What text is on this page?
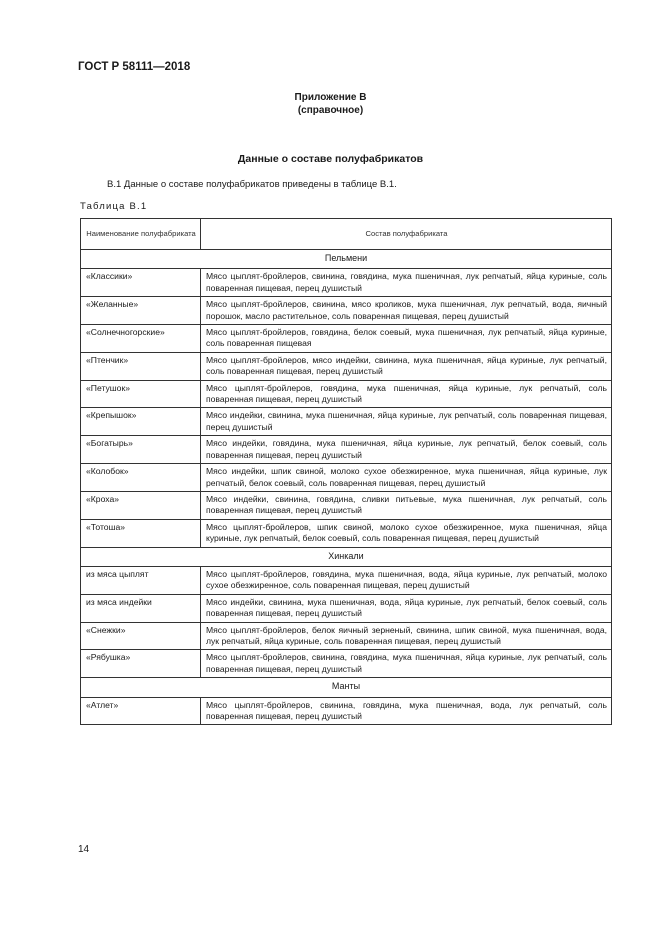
ГОСТ Р 58111—2018
Приложение В
(справочное)
Данные о составе полуфабрикатов
В.1 Данные о составе полуфабрикатов приведены в таблице В.1.
Таблица В.1
Наименование полуфабриката	Состав полуфабриката
Пельмени	
«Классики»	Мясо цыплят-бройлеров, свинина, говядина, мука пшеничная, лук репчатый, яйца куриные, соль поваренная пищевая, перец душистый
«Желанные»	Мясо цыплят-бройлеров, свинина, мясо кроликов, мука пшеничная, лук репчатый, вода, яичный порошок, масло растительное, соль поваренная пищевая, перец душистый
«Солнечногорские»	Мясо цыплят-бройлеров, говядина, белок соевый, мука пшеничная, лук репчатый, яйца куриные, соль поваренная пищевая
«Птенчик»	Мясо цыплят-бройлеров, мясо индейки, свинина, мука пшеничная, яйца куриные, лук репчатый, соль поваренная пищевая, перец душистый
«Петушок»	Мясо цыплят-бройлеров, говядина, мука пшеничная, яйца куриные, лук репчатый, соль поваренная пищевая, перец душистый
«Крепышок»	Мясо индейки, свинина, мука пшеничная, яйца куриные, лук репчатый, соль поваренная пищевая, перец душистый
«Богатырь»	Мясо индейки, говядина, мука пшеничная, яйца куриные, лук репчатый, белок соевый, соль поваренная пищевая, перец душистый
«Колобок»	Мясо индейки, шпик свиной, молоко сухое обезжиренное, мука пшеничная, яйца куриные, лук репчатый, белок соевый, соль поваренная пищевая, перец душистый
«Кроха»	Мясо индейки, свинина, говядина, сливки питьевые, мука пшеничная, лук репчатый, соль поваренная пищевая, перец душистый
«Тотоша»	Мясо цыплят-бройлеров, шпик свиной, молоко сухое обезжиренное, мука пшеничная, яйца куриные, лук репчатый, белок соевый, соль поваренная пищевая, перец душистый
Хинкали	
из мяса цыплят	Мясо цыплят-бройлеров, говядина, мука пшеничная, вода, яйца куриные, лук репчатый, молоко сухое обезжиренное, соль поваренная пищевая, перец душистый
из мяса индейки	Мясо индейки, свинина, мука пшеничная, вода, яйца куриные, лук репчатый, белок соевый, соль поваренная пищевая, перец душистый
«Снежки»	Мясо цыплят-бройлеров, белок яичный зерненый, свинина, шпик свиной, мука пшеничная, вода, лук репчатый, яйца куриные, соль поваренная пищевая, перец душистый
«Рябушка»	Мясо цыплят-бройлеров, свинина, говядина, мука пшеничная, яйца куриные, лук репчатый, соль поваренная пищевая, перец душистый
Манты	
«Атлет»	Мясо цыплят-бройлеров, свинина, говядина, мука пшеничная, вода, лук репчатый, соль поваренная пищевая, перец душистый
14
